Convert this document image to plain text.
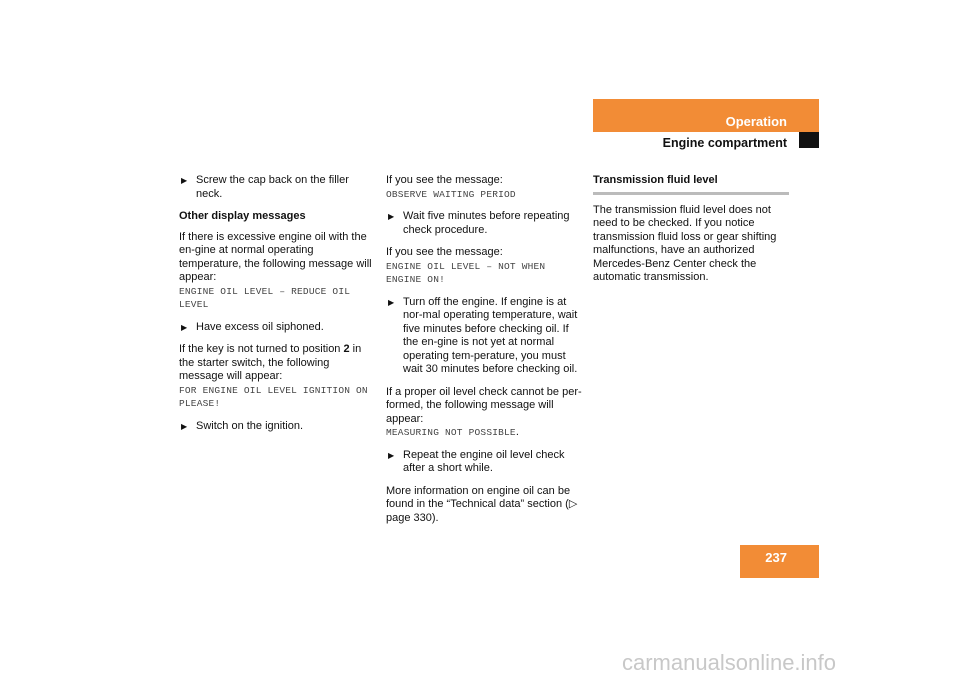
Operation
Engine compartment
▶ Screw the cap back on the filler neck.
Other display messages
If there is excessive engine oil with the en-gine at normal operating temperature, the following message will appear:
ENGINE OIL LEVEL – REDUCE OIL LEVEL
▶ Have excess oil siphoned.
If the key is not turned to position 2 in the starter switch, the following message will appear:
FOR ENGINE OIL LEVEL IGNITION ON PLEASE!
▶ Switch on the ignition.
If you see the message:
OBSERVE WAITING PERIOD
▶ Wait five minutes before repeating check procedure.
If you see the message:
ENGINE OIL LEVEL – NOT WHEN ENGINE ON!
▶ Turn off the engine. If engine is at nor-mal operating temperature, wait five minutes before checking oil. If the en-gine is not yet at normal operating tem-perature, you must wait 30 minutes before checking oil.
If a proper oil level check cannot be per-formed, the following message will appear:
MEASURING NOT POSSIBLE.
▶ Repeat the engine oil level check after a short while.
More information on engine oil can be found in the “Technical data” section (▷ page 330).
Transmission fluid level
The transmission fluid level does not need to be checked. If you notice transmission fluid loss or gear shifting malfunctions, have an authorized Mercedes-Benz Center check the automatic transmission.
237
carmanualsonline.info
